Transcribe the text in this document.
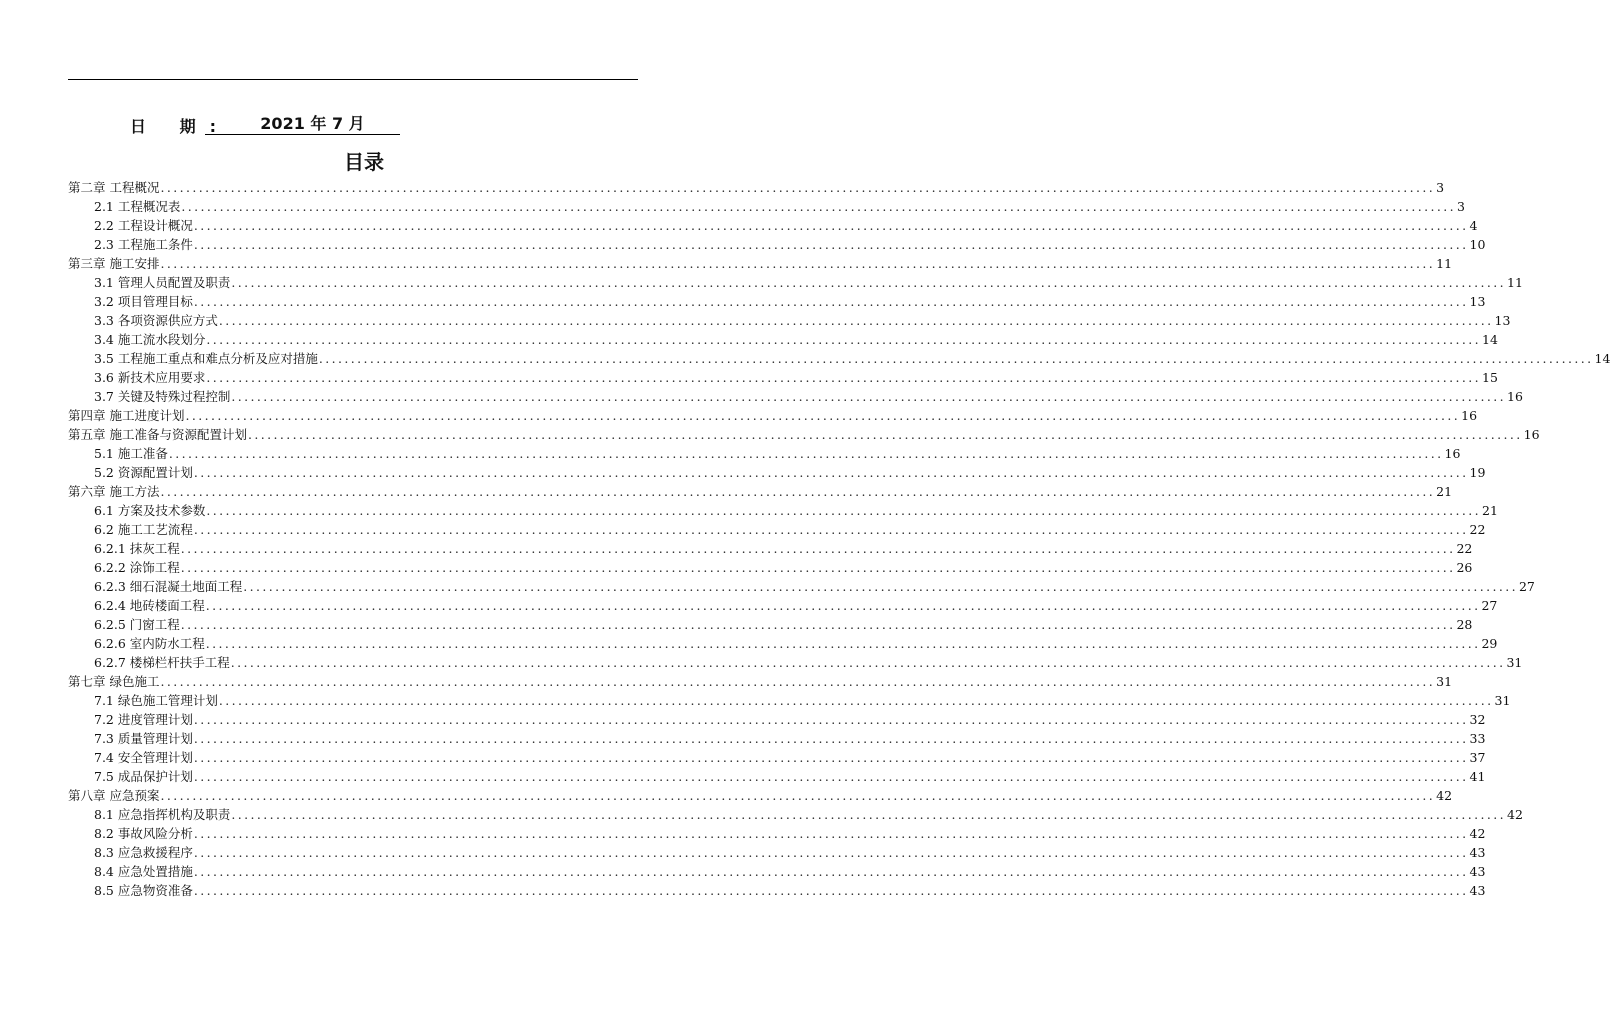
日 期:	2021 年 7 月
目录
第二章 工程概况 ........................................................................................................................................................................................................ 3
2.1 工程概况表 ........................................................................................................................................................................................................ 3
2.2 工程设计概况 ........................................................................................................................................................................................................ 4
2.3 工程施工条件 ........................................................................................................................................................................................................ 10
第三章 施工安排 ........................................................................................................................................................................................................ 11
3.1 管理人员配置及职责 ........................................................................................................................................................................................................ 11
3.2 项目管理目标 ........................................................................................................................................................................................................ 13
3.3 各项资源供应方式 ........................................................................................................................................................................................................ 13
3.4 施工流水段划分 ........................................................................................................................................................................................................ 14
3.5 工程施工重点和难点分析及应对措施 ........................................................................................................................................................................................................ 14
3.6 新技术应用要求 ........................................................................................................................................................................................................ 15
3.7 关键及特殊过程控制 ........................................................................................................................................................................................................ 16
第四章 施工进度计划 ........................................................................................................................................................................................................ 16
第五章 施工准备与资源配置计划 ........................................................................................................................................................................................................ 16
5.1 施工准备 ........................................................................................................................................................................................................ 16
5.2 资源配置计划 ........................................................................................................................................................................................................ 19
第六章 施工方法 ........................................................................................................................................................................................................ 21
6.1 方案及技术参数 ........................................................................................................................................................................................................ 21
6.2 施工工艺流程 ........................................................................................................................................................................................................ 22
6.2.1 抹灰工程 ........................................................................................................................................................................................................ 22
6.2.2 涂饰工程 ........................................................................................................................................................................................................ 26
6.2.3 细石混凝土地面工程 ........................................................................................................................................................................................................ 27
6.2.4 地砖楼面工程 ........................................................................................................................................................................................................ 27
6.2.5 门窗工程 ........................................................................................................................................................................................................ 28
6.2.6 室内防水工程 ........................................................................................................................................................................................................ 29
6.2.7 楼梯栏杆扶手工程 ........................................................................................................................................................................................................ 31
第七章 绿色施工 ........................................................................................................................................................................................................ 31
7.1 绿色施工管理计划 ........................................................................................................................................................................................................ 31
7.2 进度管理计划 ........................................................................................................................................................................................................ 32
7.3 质量管理计划 ........................................................................................................................................................................................................ 33
7.4 安全管理计划 ........................................................................................................................................................................................................ 37
7.5 成品保护计划 ........................................................................................................................................................................................................ 41
第八章 应急预案 ........................................................................................................................................................................................................ 42
8.1 应急指挥机构及职责 ........................................................................................................................................................................................................ 42
8.2 事故风险分析 ........................................................................................................................................................................................................ 42
8.3 应急救援程序 ........................................................................................................................................................................................................ 43
8.4 应急处置措施 ........................................................................................................................................................................................................ 43
8.5 应急物资准备 ........................................................................................................................................................................................................ 43
